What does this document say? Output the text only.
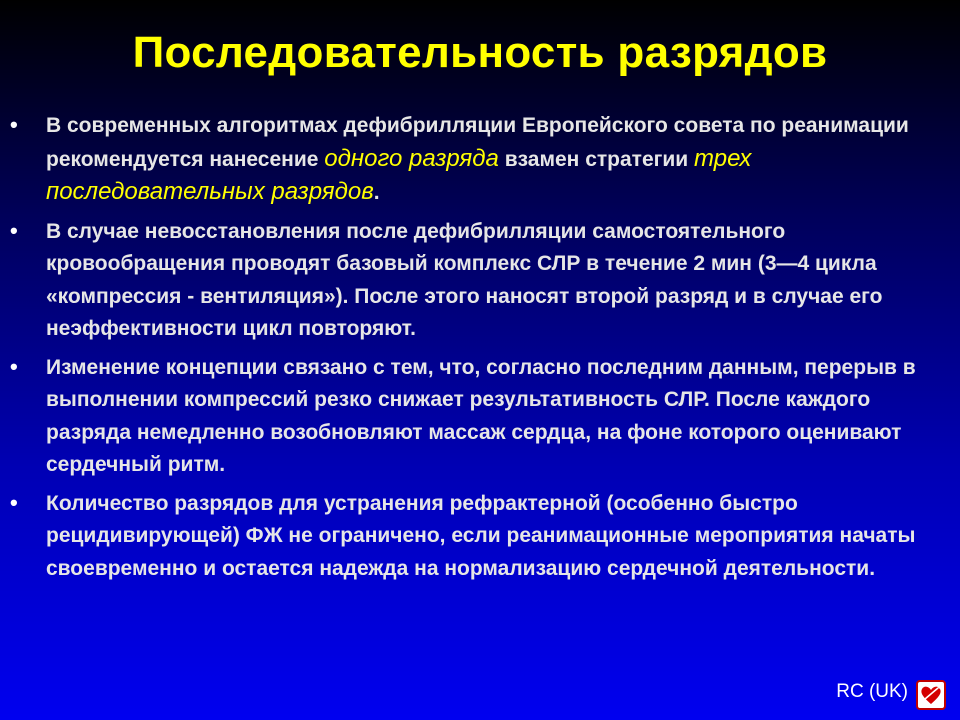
Последовательность разрядов
• В современных алгоритмах дефибрилляции Европейского совета по реанимации рекомендуется нанесение одного разряда взамен стратегии трех последовательных разрядов.
• В случае невосстановления после дефибрилляции самостоятельного кровообращения проводят базовый комплекс СЛР в течение 2 мин (3—4 цикла «компрессия - вентиляция»). После этого наносят второй разряд и в случае его неэффективности цикл повторяют.
• Изменение концепции связано с тем, что, согласно последним данным, перерыв в выполнении компрессий резко снижает результативность СЛР. После каждого разряда немедленно возобновляют массаж сердца, на фоне которого оценивают сердечный ритм.
• Количество разрядов для устранения рефрактерной (особенно быстро рецидивирующей) ФЖ не ограничено, если реанимационные мероприятия начаты своевременно и остается надежда на нормализацию сердечной деятельности.
RC (UK)
